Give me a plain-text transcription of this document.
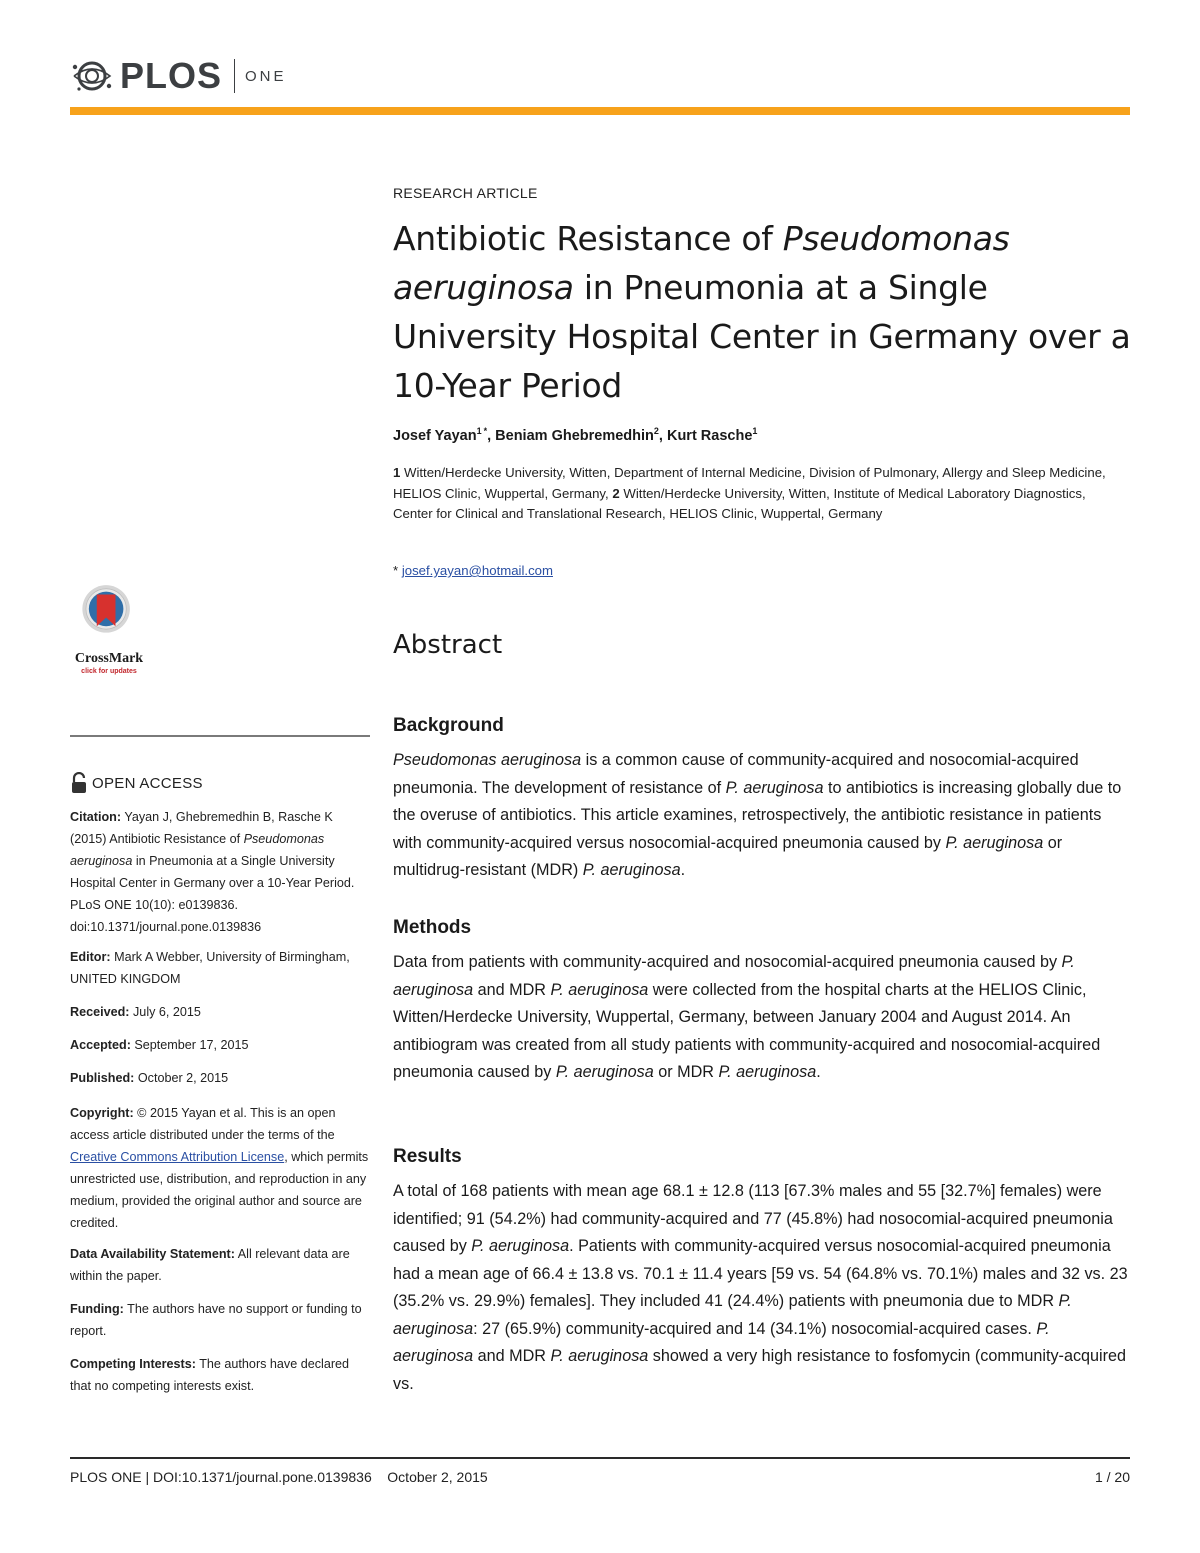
PLOS ONE
CrossMark
click for updates
OPEN ACCESS
Citation: Yayan J, Ghebremedhin B, Rasche K (2015) Antibiotic Resistance of Pseudomonas aeruginosa in Pneumonia at a Single University Hospital Center in Germany over a 10-Year Period. PLoS ONE 10(10): e0139836. doi:10.1371/journal.pone.0139836
Editor: Mark A Webber, University of Birmingham, UNITED KINGDOM
Received: July 6, 2015
Accepted: September 17, 2015
Published: October 2, 2015
Copyright: © 2015 Yayan et al. This is an open access article distributed under the terms of the Creative Commons Attribution License, which permits unrestricted use, distribution, and reproduction in any medium, provided the original author and source are credited.
Data Availability Statement: All relevant data are within the paper.
Funding: The authors have no support or funding to report.
Competing Interests: The authors have declared that no competing interests exist.
RESEARCH ARTICLE
Antibiotic Resistance of Pseudomonas
aeruginosa in Pneumonia at a Single University Hospital Center in Germany over a 10-Year Period
Josef Yayan$^1$ *, Beniam Ghebremedhin$^2$, Kurt Rasche$^1$
1 Witten/Herdecke University, Witten, Department of Internal Medicine, Division of Pulmonary, Allergy and Sleep Medicine, HELIOS Clinic, Wuppertal, Germany, 2 Witten/Herdecke University, Witten, Institute of Medical Laboratory Diagnostics, Center for Clinical and Translational Research, HELIOS Clinic, Wuppertal, Germany
* josef.yayan@hotmail.com
Abstract
Background
Pseudomonas aeruginosa is a common cause of community-acquired and nosocomial-acquired pneumonia. The development of resistance of P. aeruginosa to antibiotics is increasing globally due to the overuse of antibiotics. This article examines, retrospectively, the antibiotic resistance in patients with community-acquired versus nosocomial-acquired pneumonia caused by P. aeruginosa or multidrug-resistant (MDR) P. aeruginosa.
Methods
Data from patients with community-acquired and nosocomial-acquired pneumonia caused by P. aeruginosa and MDR P. aeruginosa were collected from the hospital charts at the HELIOS Clinic, Witten/Herdecke University, Wuppertal, Germany, between January 2004 and August 2014. An antibiogram was created from all study patients with community-acquired and nosocomial-acquired pneumonia caused by P. aeruginosa or MDR P. aeruginosa.
Results
A total of 168 patients with mean age 68.1 ± 12.8 (113 [67.3% males and 55 [32.7%] females) were identified; 91 (54.2%) had community-acquired and 77 (45.8%) had nosocomial-acquired pneumonia caused by P. aeruginosa. Patients with community-acquired versus nosocomial-acquired pneumonia had a mean age of 66.4 ± 13.8 vs. 70.1 ± 11.4 years [59 vs. 54 (64.8% vs. 70.1%) males and 32 vs. 23 (35.2% vs. 29.9%) females]. They included 41 (24.4%) patients with pneumonia due to MDR P. aeruginosa: 27 (65.9%) community-acquired and 14 (34.1%) nosocomial-acquired cases. P. aeruginosa and MDR P. aeruginosa showed a very high resistance to fosfomycin (community-acquired vs.
PLOS ONE | DOI:10.1371/journal.pone.0139836    October 2, 2015	1 / 20
